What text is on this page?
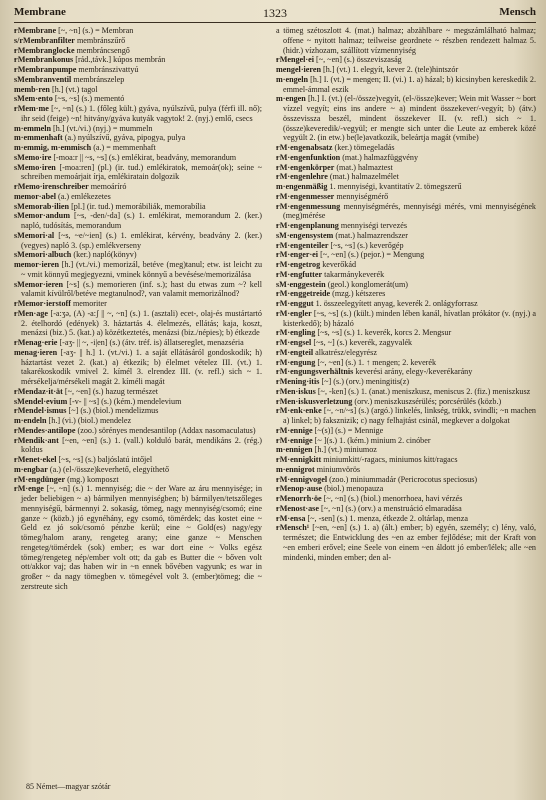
Membrane	1323	Mensch

ғMembrane [~, ~n] (s.) = Membran

s/rMembranfilter membránszűrő

ғMembranglocke membráncsengő

ғMembrankonus [rád.,távk.] kúpos membrán

ғMembranpumpe membránszivattyú

sMembranventil membránszelep

memb·ren [h.] (vt.) tagol

sMem·ento [~s, ~s] (s.) mementó

ғMem·me [~, ~n] (s.) 1. (főleg kült.) gyáva, nyúlszívű, pulya (férfi ill. nő); ihr seid (feige) ~n! hitvány/gyáva kutyák vagytok! 2. (nyj.) emlő, csecs

m·emmeln [h.] (vt./vi.) (nyj.) = mummeln

m·emmenhaft (a.) nyúlszívű, gyáva, pipogya, pulya

m·emmig, m·emmisch (a.) = memmenhaft

sMemo·ire [-moa:r || ~s, ~s] (s.) emlékirat, beadvány, memorandum

sMemo·iren [-moa:ren] (pl.) (ir. tud.) emlékiratok, memoár(ok); seine ~ schreiben memoárjait írja, emlékiratain dolgozik

ғMemo·irenschreiber memoáríró

memor·abel (a.) emlékezetes

sMemorab·ilien [pl.] (ir. tud.) memorábiliák, memorabília

sMemor·andum [~s, -den/-da] (s.) 1. emlékirat, memorandum 2. (ker.) napló, tudósítás, memorandum

sMemori·al [~s, ~e/~ien] (s.) 1. emlékirat, kérvény, beadvány 2. (ker.) (vegyes) napló 3. (sp.) emlékverseny

sMemori·albuch (ker.) napló(könyv)

memor·ieren [h.] (vt./vi.) memorizál, betéve (meg)tanul; etw. ist leicht zu ~ vmit könnyű megjegyezni, vminek könnyű a bevésése/memorizálása

sMemor·ieren [~s] (s.) memorieren (inf. s.); hast du etwas zum ~? kell valamit kívülről/betéve megtanulnod?, van valamit memorizálnod?

ғMemor·ierstoff memoriter

ғMen·age [-a:ʒə, (A) -a:ʃ || ~, ~n] (s.) 1. (asztali) ecet-, olaj-és mustártartó 2. ételhordó (edények) 3. háztartás 4. élelmezés, ellátás; kaja, koszt, menázsi (biz.) 5. (kat.) a) közétkeztetés, menázsi (biz./népies); b) étkezde

ғMenag·erie [-aʒ- || ~, -i|en] (s.) (átv. tréf. is) állatsereglet, menazséria

menag·ieren [-aʒ- || h.] 1. (vt./vi.) 1. a saját ellátásáról gondoskodik; h) háztartást vezet 2. (kat.) a) étkezik; b) élelmet vételez III. (vt.) 1. takarékoskodik vmivel 2. kímél 3. elrendez III. (v. refl.) sich ~ 1. mérsékelja/mérsékeli magát 2. kíméli magát

ғMendaz·it·ät [~, ~en] (s.) hazug természet

sMendel·evium [-v- || ~s] (s.) (kém.) mendelevium

ғMendel·ismus [~] (s.) (biol.) mendelizmus

m·endeln [h.] (vi.) (biol.) mendelez

ғMendes·antilope (zoo.) sörényes mendesantilop (Addax nasomaculatus)

ғMendik·ant [~en, ~en] (s.) 1. (vall.) kolduló barát, mendikáns 2. (rég.) koldus

ғMenet·ekel [~s, ~s] (s.) baljóslatú intőjel

m·engbar (a.) (el-/össze)keverhető, elegyíthető

ғM·engdünger (mg.) komposzt

ғM·enge [~, ~n] (s.) 1. mennyiség; die ~ der Ware az áru mennyisége; in jeder beliebigen ~ a) bármilyen mennyiségben; b) bármilyen/tetszőleges mennyiségű, bármennyi 2. sokaság, tömeg, nagy mennyiség/csomó; eine ganze ~ (közb.) jó egynéhány, egy csomó, tömérdek; das kostet eine ~ Geld ez jó sok/csomó pénzbe kerül; eine ~ Gold(es) nagy/egy tömeg/halom arany, rengeteg arany; eine ganze ~ Menschen rengeteg/tömérdek (sok) ember; es war dort eine ~ Volks egész tömeg/rengeteg nép/ember volt ott; da gab es Butter die ~ bőven volt ott/akkor vaj; das haben wir in ~n ennek bővében vagyunk; es war in großer ~ da nagy tömegben v. tömegével volt 3. (ember)tömeg; die ~ zerstreute sich

a tömeg szétoszlott 4. (mat.) halmaz; abzählbare ~ megszámlálható halmaz; offene ~ nyitott halmaz; teilweise geordnete ~ részben rendezett halmaz 5. (hidr.) vízhozam, szállított vízmennyiség

ғMengel·ei [~, ~en] (s.) összeviszaság

mengel·ieren [h.] (vt.) 1. elegyít, kever 2. (tele)hintszór

m·engeln [h.] I. (vt.) = mengen; II. (vi.) 1. a) házal; b) kicsinyben kereskedik 2. emmel-ámmal eszik

m·engen [h.] I. (vt.) (el-/össze)vegyít, (el-/össze)kever; Wein mit Wasser ~ bort vízzel vegyít; eins ins andere ~ a) mindent összekever/-vegyít; b) (átv.) összevissza beszél, mindent összekever II. (v. refl.) sich ~ 1. (össze)keveredik/-vegyül; er mengte sich unter die Leute az emberek közé vegyült 2. (in etw.) be(le)avatkozik, beleártja magát (vmibe)

ғM·engenabsatz (ker.) tömegeladás

ғM·engenfunktion (mat.) halmazfüggvény

ғM·engenkörper (mat.) halmaztest

ғM·engenlehre (mat.) halmazelmélet

m·engenmäßig 1. mennyiségi, kvantitatív 2. tömegszerű

ғM·engenmesser mennyiségmérő

ғM·engenmessung mennyiségmérés, mennyiségi mérés, vmi mennyiségének (meg)mérése

ғM·engenplanung mennyiségi tervezés

sM·engensystem (mat.) halmazrendszer

ғM·engenteiler [~s, ~s] (s.) keverőgép

ғM·enger·ei [~, ~en] (s.) (pejor.) = Mengung

ғM·engetrog keverőkád

ғM·engfutter takarmánykeverék

sM·enggestein (geol.) konglomerát(um)

ғM·enggetreide (mzg.) kétszeres

ғM·enggut 1. összeelegyített anyag, keverék 2. onlágyforrasz

ғM·engler [~s, ~s] (s.) (kült.) minden lében kanál, hívatlan prókátor (v. (nyj.) a kisterkedő); b) házaló

ғM·engling [~s, ~s] (s.) 1. keverék, korcs 2. Mengsur

ғM·engsel [~s, ~] (s.) keverék, zagyvalék

ғM·engteil alkatrész/elegyrész

ғM·engung [~, ~en] (s.) 1. ↑ mengen; 2. keverék

ғM·engungsverhältnis keverési arány, elegy-/keverékarány

ғMening·itis [~] (s.) (orv.) meningitis(z)

ғMen·iskus [~, -ken] (s.) 1. (anat.) meniszkusz, meniscus 2. (fiz.) meniszkusz

ғMen·iskusverletzung (orv.) meniszkuszsérülés; porcsérülés (közb.)

ғM·enk·enke [~, ~n/~s] (s.) (argó.) linkelés, linkség, trükk, svindli; ~n machen a) linkel; b) faksznizik; c) nagy felhajtást csinál, megkever a dolgokat

ғM·ennige [~(s)] (s.) = Mennige

ғM·ennige [~ ](s.) 1. (kém.) minium 2. cinóber

m·ennigen [h.] (vt.) miniumoz

ғM·ennigkitt miniumkitt/-ragacs, miniumos kitt/ragacs

m·ennigrot miniumvörös

ғM·ennigvogel (zoo.) miniummadár (Pericrocotus speciosus)

ғMenop·ause (biol.) menopauza

ғMenorrh·öe [~, ~n] (s.) (biol.) menorrhoea, havi vérzés

ғMenost·ase [~, ~n] (s.) (orv.) a menstruáció elmaradása

ғM·ensa [~, -sen] (s.) 1. menza, étkezde 2. oltárlap, menza

ғMensch¹ [~en, ~en] (s.) 1. a) (ált.) ember; b) egyén, személy; c) lény, való, természet; die Entwicklung des ~en az ember fejlődése; mit der Kraft von ~en emberi erővel; eine Seele von einem ~en áldott jó ember/lélek; alle ~en mindenki, minden ember; den al-

85 Német—magyar szótár
